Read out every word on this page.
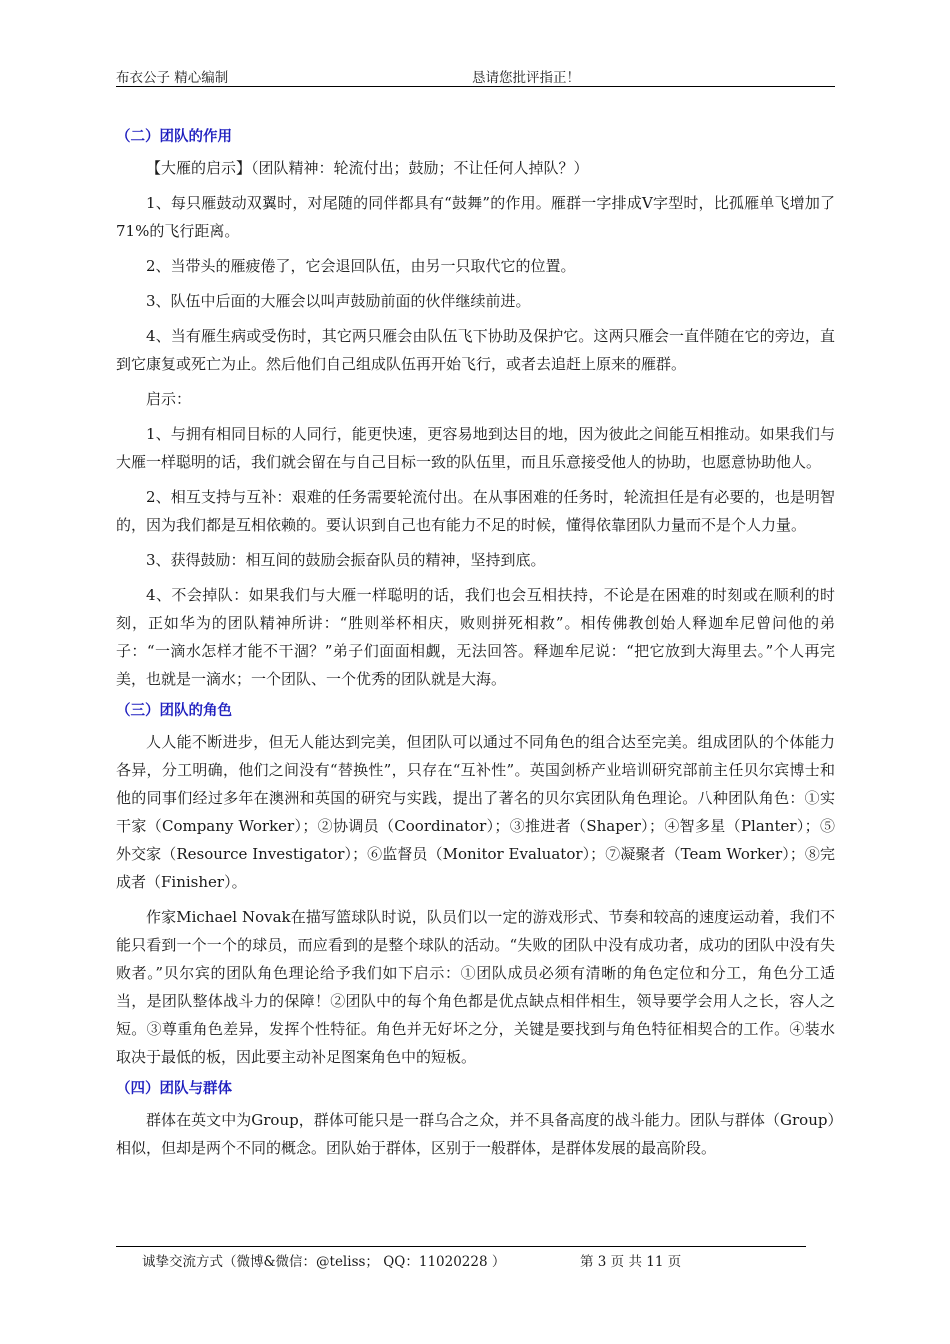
布衣公子 精心编制	恳请您批评指正！
（二）团队的作用

【大雁的启示】（团队精神：轮流付出；鼓励；不让任何人掉队？）

1、每只雁鼓动双翼时，对尾随的同伴都具有“鼓舞”的作用。雁群一字排成V字型时，比孤雁单飞增加了71%的飞行距离。

2、当带头的雁疲倦了，它会退回队伍，由另一只取代它的位置。

3、队伍中后面的大雁会以叫声鼓励前面的伙伴继续前进。

4、当有雁生病或受伤时，其它两只雁会由队伍飞下协助及保护它。这两只雁会一直伴随在它的旁边，直到它康复或死亡为止。然后他们自己组成队伍再开始飞行，或者去追赶上原来的雁群。

启示：

1、与拥有相同目标的人同行，能更快速，更容易地到达目的地，因为彼此之间能互相推动。如果我们与大雁一样聪明的话，我们就会留在与自己目标一致的队伍里，而且乐意接受他人的协助，也愿意协助他人。

2、相互支持与互补：艰难的任务需要轮流付出。在从事困难的任务时，轮流担任是有必要的，也是明智的，因为我们都是互相依赖的。要认识到自己也有能力不足的时候，懂得依靠团队力量而不是个人力量。

3、获得鼓励：相互间的鼓励会振奋队员的精神，坚持到底。

4、不会掉队：如果我们与大雁一样聪明的话，我们也会互相扶持，不论是在困难的时刻或在顺利的时刻，正如华为的团队精神所讲：“胜则举杯相庆，败则拼死相救”。相传佛教创始人释迦牟尼曾问他的弟子：“一滴水怎样才能不干涸？”弟子们面面相觑，无法回答。释迦牟尼说：“把它放到大海里去。”个人再完美，也就是一滴水；一个团队、一个优秀的团队就是大海。

（三）团队的角色

人人能不断进步，但无人能达到完美，但团队可以通过不同角色的组合达至完美。组成团队的个体能力各异，分工明确，他们之间没有“替换性”，只存在“互补性”。英国剑桥产业培训研究部前主任贝尔宾博士和他的同事们经过多年在澳洲和英国的研究与实践，提出了著名的贝尔宾团队角色理论。八种团队角色：①实干家（Company Worker）；②协调员（Coordinator）；③推进者（Shaper）；④智多星（Planter）；⑤外交家（Resource Investigator）；⑥监督员（Monitor Evaluator）；⑦凝聚者（Team Worker）；⑧完成者（Finisher）。

作家Michael Novak在描写篮球队时说，队员们以一定的游戏形式、节奏和较高的速度运动着，我们不能只看到一个一个的球员，而应看到的是整个球队的活动。“失败的团队中没有成功者，成功的团队中没有失败者。”贝尔宾的团队角色理论给予我们如下启示：①团队成员必须有清晰的角色定位和分工，角色分工适当，是团队整体战斗力的保障！②团队中的每个角色都是优点缺点相伴相生，领导要学会用人之长，容人之短。③尊重角色差异，发挥个性特征。角色并无好坏之分，关键是要找到与角色特征相契合的工作。④装水取决于最低的板，因此要主动补足图案角色中的短板。

（四）团队与群体

群体在英文中为Group，群体可能只是一群乌合之众，并不具备高度的战斗能力。团队与群体（Group）相似，但却是两个不同的概念。团队始于群体，区别于一般群体，是群体发展的最高阶段。

诚挚交流方式（微博&微信：@teliss； QQ：11020228 ）	第 3 页 共 11 页
